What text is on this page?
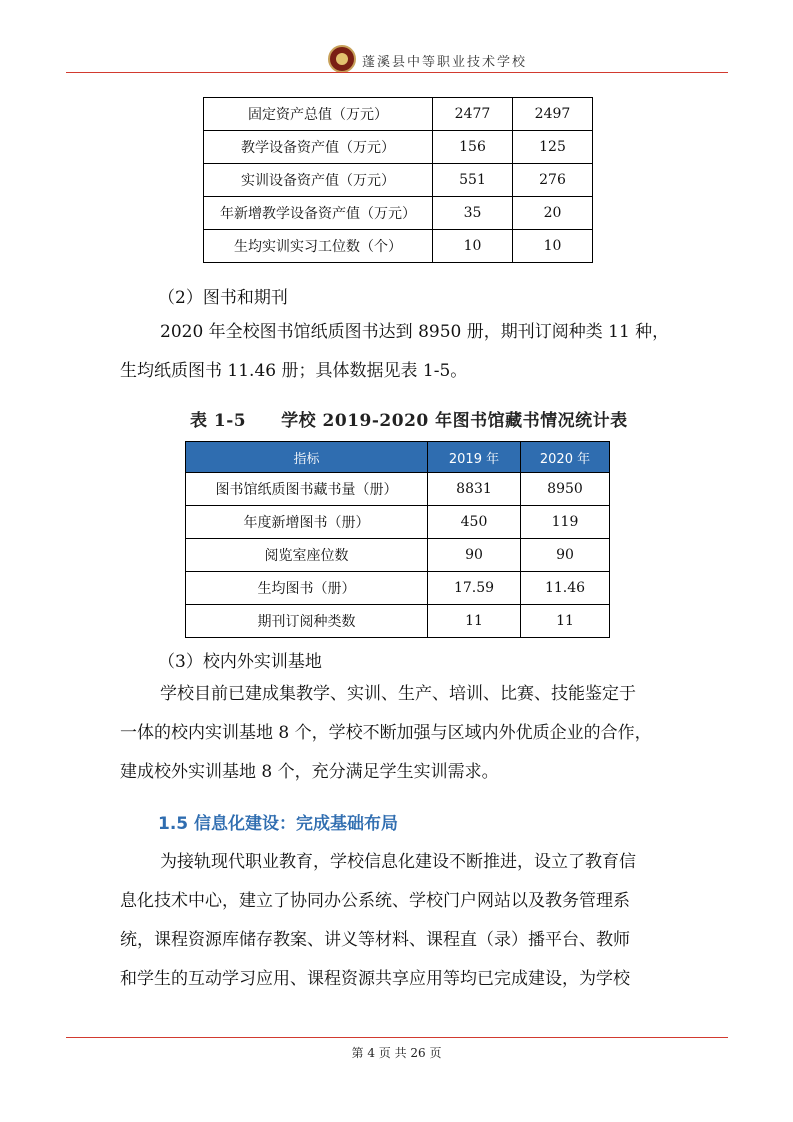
蓬溪县中等职业技术学校
固定资产总值（万元）	2477	2497
教学设备资产值（万元）	156	125
实训设备资产值（万元）	551	276
年新增教学设备资产值（万元）	35	20
生均实训实习工位数（个）	10	10
（2）图书和期刊
2020 年全校图书馆纸质图书达到 8950 册，期刊订阅种类 11 种，
生均纸质图书 11.46 册；具体数据见表 1-5。
表 1-5　　学校 2019-2020 年图书馆藏书情况统计表
指标	2019 年	2020 年
图书馆纸质图书藏书量（册）	8831	8950
年度新增图书（册）	450	119
阅览室座位数	90	90
生均图书（册）	17.59	11.46
期刊订阅种类数	11	11
（3）校内外实训基地
学校目前已建成集教学、实训、生产、培训、比赛、技能鉴定于
一体的校内实训基地 8 个，学校不断加强与区域内外优质企业的合作，
建成校外实训基地 8 个，充分满足学生实训需求。
1.5 信息化建设：完成基础布局
为接轨现代职业教育，学校信息化建设不断推进，设立了教育信
息化技术中心，建立了协同办公系统、学校门户网站以及教务管理系
统，课程资源库储存教案、讲义等材料、课程直（录）播平台、教师
和学生的互动学习应用、课程资源共享应用等均已完成建设，为学校
第 4 页 共 26 页
